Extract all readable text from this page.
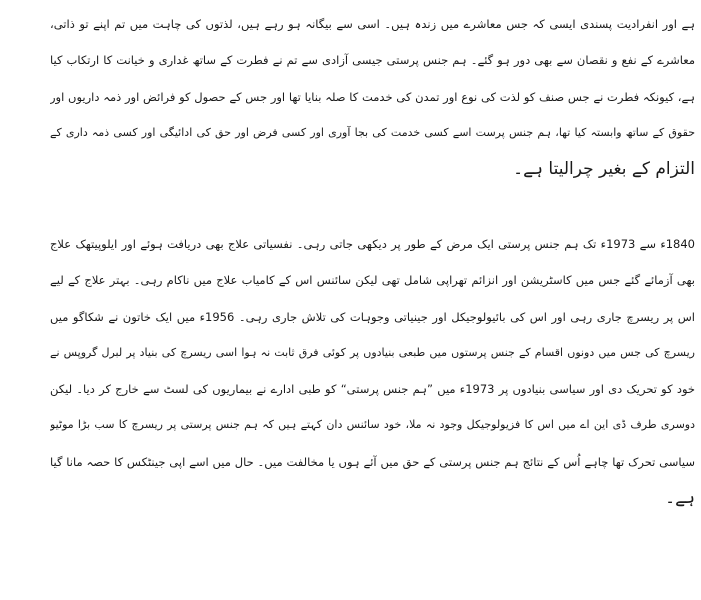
ہے اور انفرادیت پسندی ایسی کہ جس معاشرے میں زندہ ہیں۔ اسی سے بیگانہ ہو رہے ہیں، لذتوں کی چاہت میں تم اپنے تو ذاتی،
معاشرے کے نفع و نقصان سے بھی دور ہو گئے۔ ہم جنس پرستی جیسی آزادی سے تم نے فطرت کے ساتھ غداری و خیانت کا ارتکاب کیا
ہے، کیونکہ فطرت نے جس صنف کو لذت کی نوع اور تمدن کی خدمت کا صلہ بنایا تھا اور جس کے حصول کو فرائض اور ذمہ داریوں اور
حقوق کے ساتھ وابستہ کیا تھا، ہم جنس پرست اسے کسی خدمت کی بجا آوری اور کسی فرض اور حق کی ادائیگی اور کسی ذمہ داری کے
التزام کے بغیر چرالیتا ہے۔
1840ء سے 1973ء تک ہم جنس پرستی ایک مرض کے طور پر دیکھی جاتی رہی۔ نفسیاتی علاج بھی دریافت ہوئے اور ایلوپیتھک علاج
بھی آزمائے گئے جس میں کاسٹریشن اور انزائم تھراپی شامل تھی لیکن سائنس اس کے کامیاب علاج میں ناکام رہی۔ بہتر علاج کے لیے
اس پر ریسرچ جاری رہی اور اس کی بائیولوجیکل اور جینیاتی وجوہات کی تلاش جاری رہی۔ 1956ء میں ایک خاتون نے شکاگو میں
ریسرچ کی جس میں دونوں اقسام کے جنس پرستوں میں طبعی بنیادوں پر کوئی فرق ثابت نہ ہوا اسی ریسرچ کی بنیاد پر لبرل گروپس نے
خود کو تحریک دی اور سیاسی بنیادوں پر 1973ء میں ”ہم جنس پرستی“ کو طبی ادارے نے بیماریوں کی لسٹ سے خارج کر دیا۔ لیکن
دوسری طرف ڈی این اے میں اس کا فزیولوجیکل وجود نہ ملا، خود سائنس دان کہتے ہیں کہ ہم جنس پرستی پر ریسرچ کا سب بڑا موٹیو
سیاسی تحرک تھا چاہے اُس کے نتائج ہم جنس پرستی کے حق میں آئے ہوں یا مخالفت میں۔ حال میں اسے اپی جینٹکس کا حصہ مانا گیا
ہے۔
